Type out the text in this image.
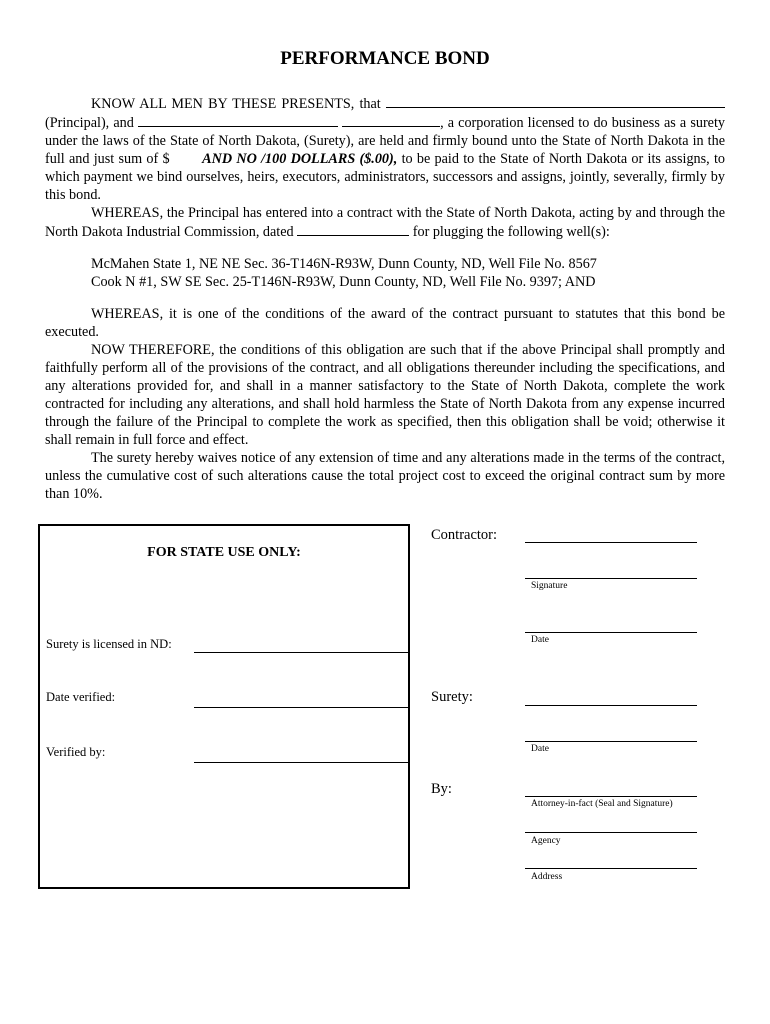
PERFORMANCE BOND

KNOW ALL MEN BY THESE PRESENTS, that   (Principal), and	, a corporation licensed to do business as a surety under the laws of the State of North Dakota, (Surety), are held and firmly bound unto the State of North Dakota in the full and just sum of $ AND NO /100 DOLLARS ($.00), to be paid to the State of North Dakota or its assigns, to which payment we bind ourselves, heirs, executors, administrators, successors and assigns, jointly, severally, firmly by this bond.

WHEREAS, the Principal has entered into a contract with the State of North Dakota, acting by and through the North Dakota Industrial Commission, dated	for plugging the following well(s):

McMahen State 1, NE NE Sec. 36-T146N-R93W, Dunn County, ND, Well File No. 8567
Cook N #1, SW SE Sec. 25-T146N-R93W, Dunn County, ND, Well File No. 9397; AND

WHEREAS, it is one of the conditions of the award of the contract pursuant to statutes that this bond be executed.

NOW THEREFORE, the conditions of this obligation are such that if the above Principal shall promptly and faithfully perform all of the provisions of the contract, and all obligations thereunder including the specifications, and any alterations provided for, and shall in a manner satisfactory to the State of North Dakota, complete the work contracted for including any alterations, and shall hold harmless the State of North Dakota from any expense incurred through the failure of the Principal to complete the work as specified, then this obligation shall be void; otherwise it shall remain in full force and effect.

The surety hereby waives notice of any extension of time and any alterations made in the terms of the contract, unless the cumulative cost of such alterations cause the total project cost to exceed the original contract sum by more than 10%.

FOR STATE USE ONLY:
Surety is licensed in ND:
Date verified:
Verified by:
Contractor:
Signature
Date
Surety:
Date
By:
Attorney-in-fact (Seal and Signature)
Agency
Address
